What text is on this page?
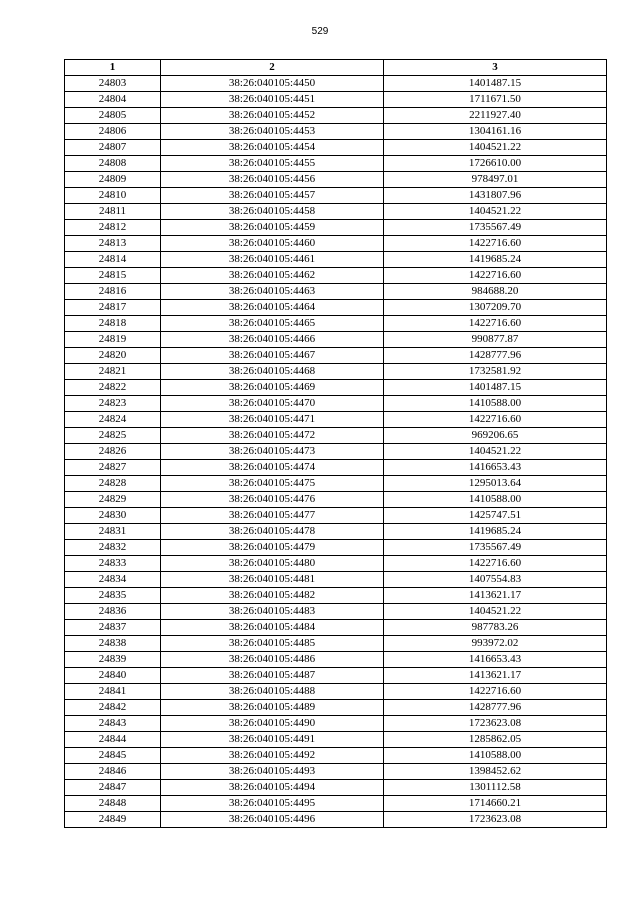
529
1	2	3
24803	38:26:040105:4450	1401487.15
24804	38:26:040105:4451	1711671.50
24805	38:26:040105:4452	2211927.40
24806	38:26:040105:4453	1304161.16
24807	38:26:040105:4454	1404521.22
24808	38:26:040105:4455	1726610.00
24809	38:26:040105:4456	978497.01
24810	38:26:040105:4457	1431807.96
24811	38:26:040105:4458	1404521.22
24812	38:26:040105:4459	1735567.49
24813	38:26:040105:4460	1422716.60
24814	38:26:040105:4461	1419685.24
24815	38:26:040105:4462	1422716.60
24816	38:26:040105:4463	984688.20
24817	38:26:040105:4464	1307209.70
24818	38:26:040105:4465	1422716.60
24819	38:26:040105:4466	990877.87
24820	38:26:040105:4467	1428777.96
24821	38:26:040105:4468	1732581.92
24822	38:26:040105:4469	1401487.15
24823	38:26:040105:4470	1410588.00
24824	38:26:040105:4471	1422716.60
24825	38:26:040105:4472	969206.65
24826	38:26:040105:4473	1404521.22
24827	38:26:040105:4474	1416653.43
24828	38:26:040105:4475	1295013.64
24829	38:26:040105:4476	1410588.00
24830	38:26:040105:4477	1425747.51
24831	38:26:040105:4478	1419685.24
24832	38:26:040105:4479	1735567.49
24833	38:26:040105:4480	1422716.60
24834	38:26:040105:4481	1407554.83
24835	38:26:040105:4482	1413621.17
24836	38:26:040105:4483	1404521.22
24837	38:26:040105:4484	987783.26
24838	38:26:040105:4485	993972.02
24839	38:26:040105:4486	1416653.43
24840	38:26:040105:4487	1413621.17
24841	38:26:040105:4488	1422716.60
24842	38:26:040105:4489	1428777.96
24843	38:26:040105:4490	1723623.08
24844	38:26:040105:4491	1285862.05
24845	38:26:040105:4492	1410588.00
24846	38:26:040105:4493	1398452.62
24847	38:26:040105:4494	1301112.58
24848	38:26:040105:4495	1714660.21
24849	38:26:040105:4496	1723623.08
